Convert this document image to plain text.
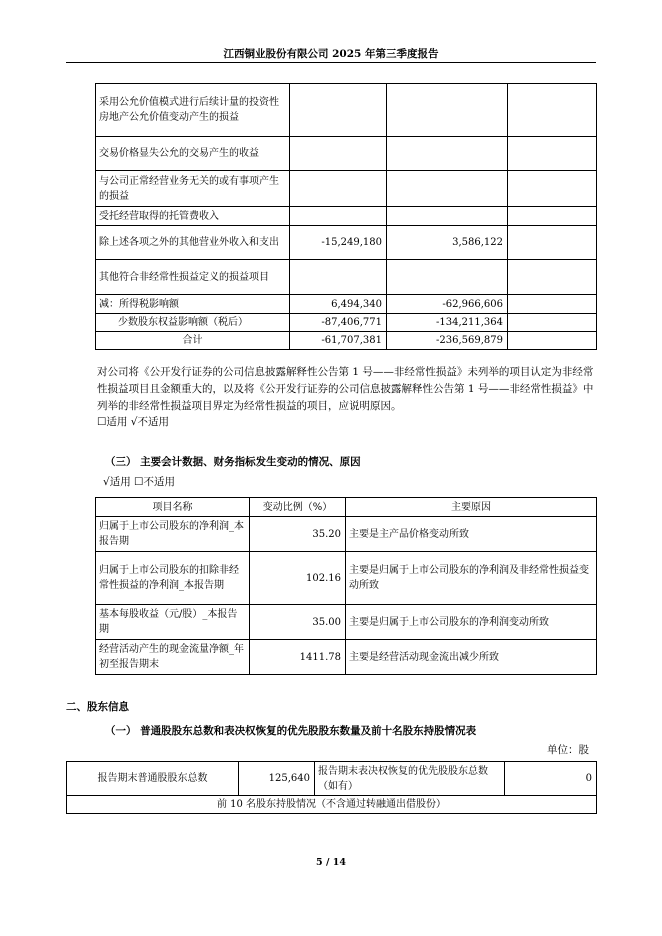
江西铜业股份有限公司 2025 年第三季度报告
采用公允价值模式进行后续计量的投资性房地产公允价值变动产生的损益			
交易价格显失公允的交易产生的收益			
与公司正常经营业务无关的或有事项产生的损益			
受托经营取得的托管费收入			
除上述各项之外的其他营业外收入和支出	-15,249,180	3,586,122	
其他符合非经常性损益定义的损益项目			
减：所得税影响额	6,494,340	-62,966,606	
少数股东权益影响额（税后）	-87,406,771	-134,211,364	
合计	-61,707,381	-236,569,879	
对公司将《公开发行证券的公司信息披露解释性公告第 1 号——非经常性损益》未列举的项目认定为非经常性损益项目且金额重大的，以及将《公开发行证券的公司信息披露解释性公告第 1 号——非经常性损益》中列举的非经常性损益项目界定为经常性损益的项目，应说明原因。
☐适用 √不适用
（三） 主要会计数据、财务指标发生变动的情况、原因
√适用 ☐不适用
项目名称	变动比例（%）	主要原因
归属于上市公司股东的净利润_本报告期	35.20	主要是主产品价格变动所致
归属于上市公司股东的扣除非经常性损益的净利润_本报告期	102.16	主要是归属于上市公司股东的净利润及非经常性损益变动所致
基本每股收益（元/股）_本报告期	35.00	主要是归属于上市公司股东的净利润变动所致
经营活动产生的现金流量净额_年初至报告期末	1411.78	主要是经营活动现金流出减少所致
二、股东信息
（一） 普通股股东总数和表决权恢复的优先股股东数量及前十名股东持股情况表
单位：股
报告期末普通股股东总数	125,640	报告期末表决权恢复的优先股股东总数（如有）	0
前 10 名股东持股情况（不含通过转融通出借股份）
5 / 14
